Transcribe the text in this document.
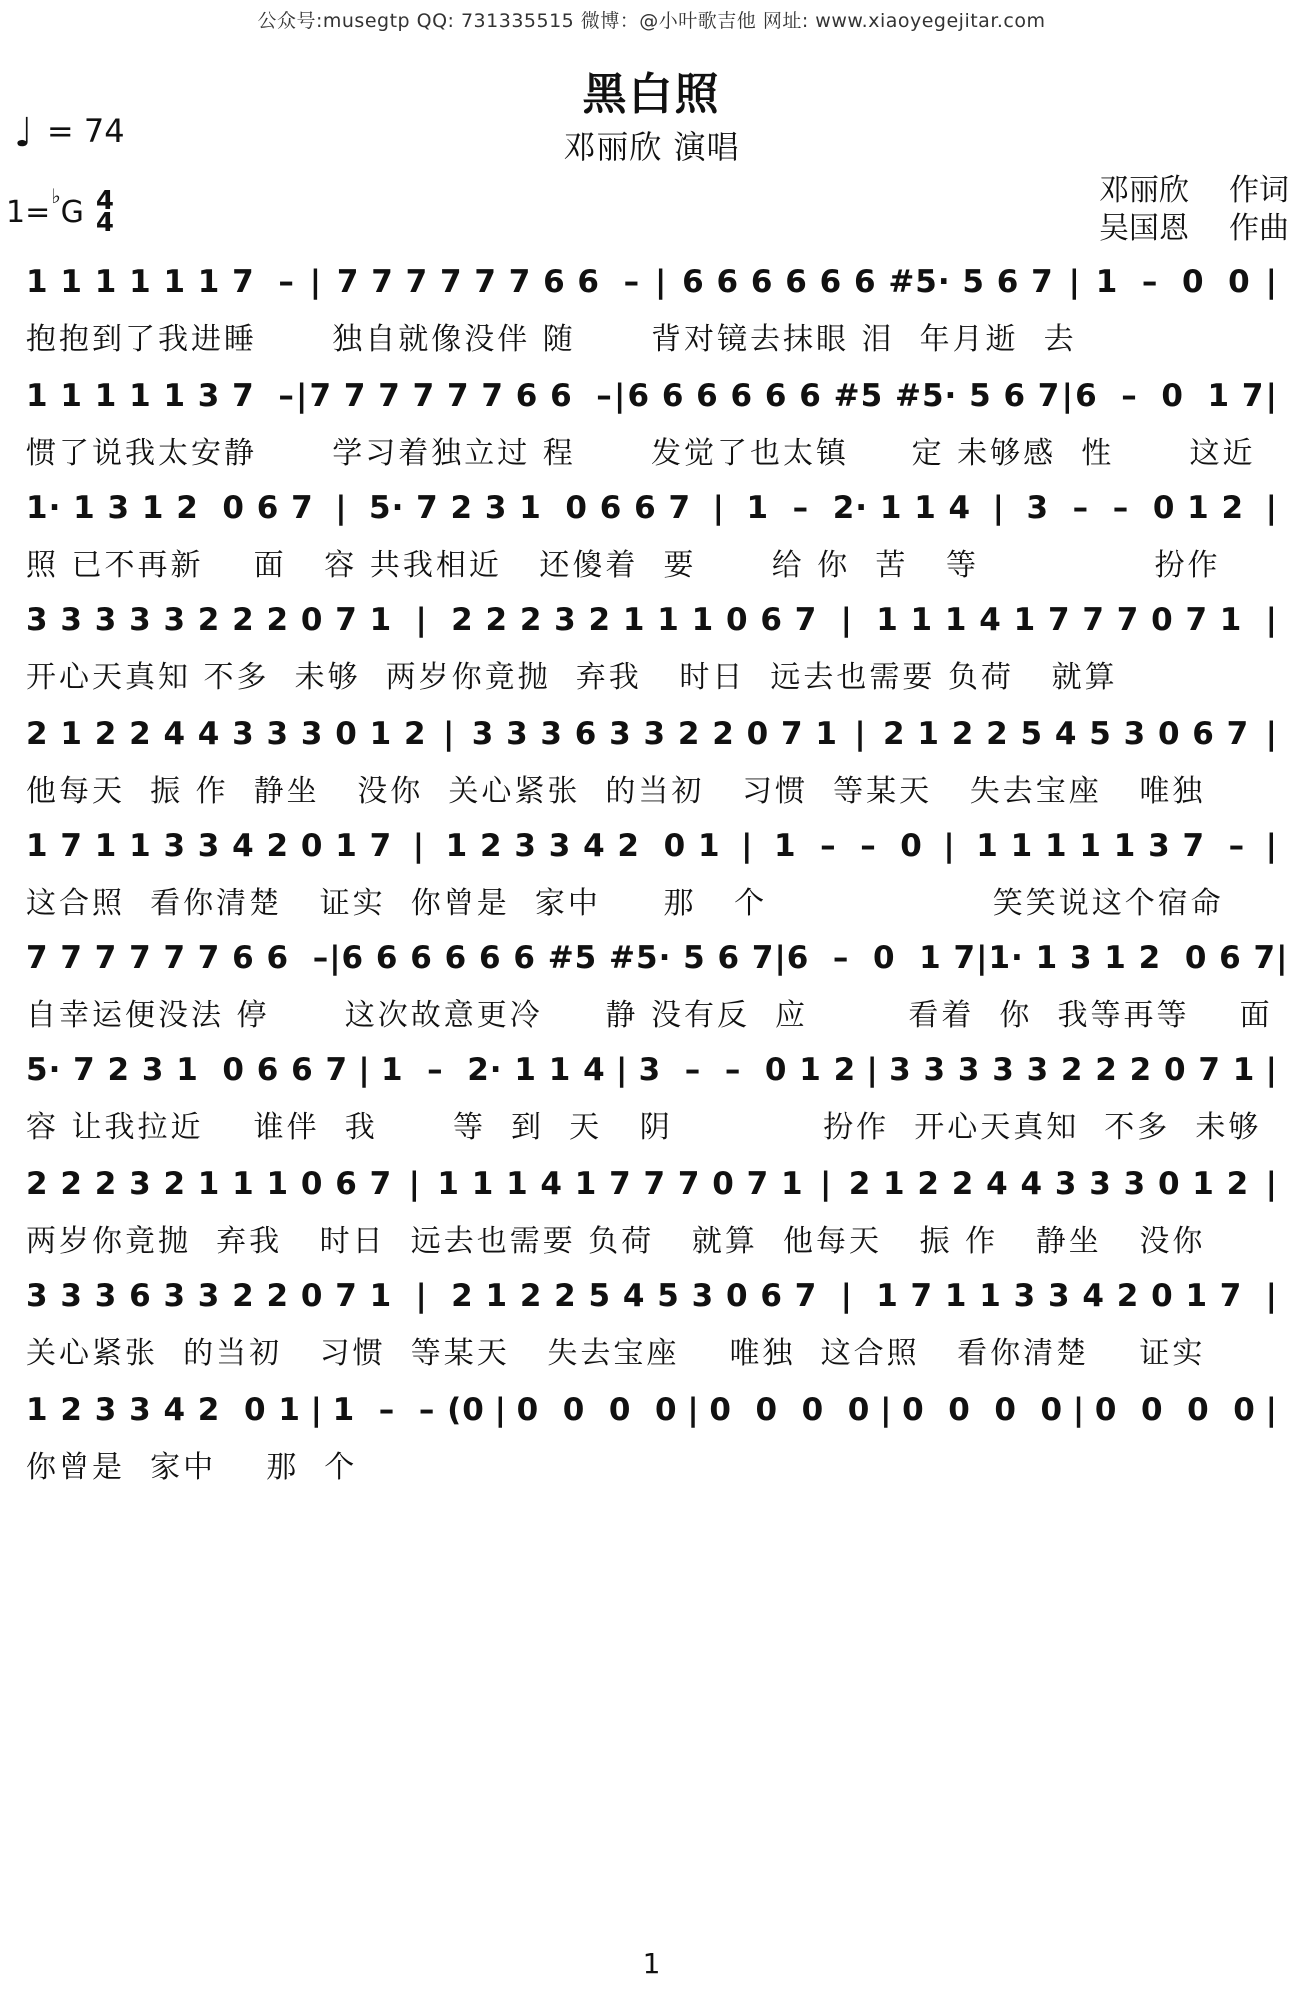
公众号:musegtp QQ: 731335515 微博：@小叶歌吉他 网址: www.xiaoyegejitar.com
黑白照
邓丽欣 演唱
♩ = 74
1= ♭ G 4
4
邓丽欣	作词
吴国恩	作曲
1 1 1 1 1 1 7  – | 7 7 7 7 7 7 6 6  – | 6 6 6 6 6 6 #5· 5 6 7 | 1  –  0  0 |
抱抱到了我进睡      独自就像没伴 随      背对镜去抹眼 泪  年月逝  去
1 1 1 1 1 3 7  – | 7 7 7 7 7 7 6 6  – | 6 6 6 6 6 6 #5 #5· 5 6 7 | 6  –  0  1 7 |
惯了说我太安静      学习着独立过 程      发觉了也太镇     定 未够感  性      这近
1· 1 3 1 2  0 6 7 | 5· 7 2 3 1  0 6 6 7 | 1  –  2· 1 1 4 | 3  –  –  0 1 2 |
照 已不再新    面   容 共我相近   还傻着  要      给 你  苦   等              扮作
3 3 3 3 3 2 2 2 0 7 1 | 2 2 2 3 2 1 1 1 0 6 7 | 1 1 1 4 1 7 7 7 0 7 1 |
开心天真知 不多  未够  两岁你竟抛  弃我   时日  远去也需要 负荷   就算
2 1 2 2 4 4 3 3 3 0 1 2 | 3 3 3 6 3 3 2 2 0 7 1 | 2 1 2 2 5 4 5 3 0 6 7 |
他每天  振 作  静坐   没你  关心紧张  的当初   习惯  等某天   失去宝座   唯独
1 7 1 1 3 3 4 2 0 1 7 | 1 2 3 3 4 2  0 1 | 1  –  –  0 | 1 1 1 1 1 3 7  – |
这合照  看你清楚   证实  你曾是  家中     那   个                  笑笑说这个宿命
7 7 7 7 7 7 6 6  – | 6 6 6 6 6 6 #5 #5· 5 6 7 | 6  –  0  1 7 | 1· 1 3 1 2  0 6 7 |
自幸运便没法 停      这次故意更冷     静 没有反  应        看着  你  我等再等    面
5· 7 2 3 1  0 6 6 7 | 1  –  2· 1 1 4 | 3  –  –  0 1 2 | 3 3 3 3 3 2 2 2 0 7 1 |
容 让我拉近    谁伴  我      等  到  天   阴            扮作  开心天真知  不多  未够
2 2 2 3 2 1 1 1 0 6 7 | 1 1 1 4 1 7 7 7 0 7 1 | 2 1 2 2 4 4 3 3 3 0 1 2 |
两岁你竟抛  弃我   时日  远去也需要 负荷   就算  他每天   振 作   静坐   没你
3 3 3 6 3 3 2 2 0 7 1 | 2 1 2 2 5 4 5 3 0 6 7 | 1 7 1 1 3 3 4 2 0 1 7 |
关心紧张  的当初   习惯  等某天   失去宝座    唯独  这合照   看你清楚    证实
1 2 3 3 4 2  0 1 | 1  –  – (0 | 0  0  0  0 | 0  0  0  0 | 0  0  0  0 | 0  0  0  0 |
你曾是  家中    那  个
1
